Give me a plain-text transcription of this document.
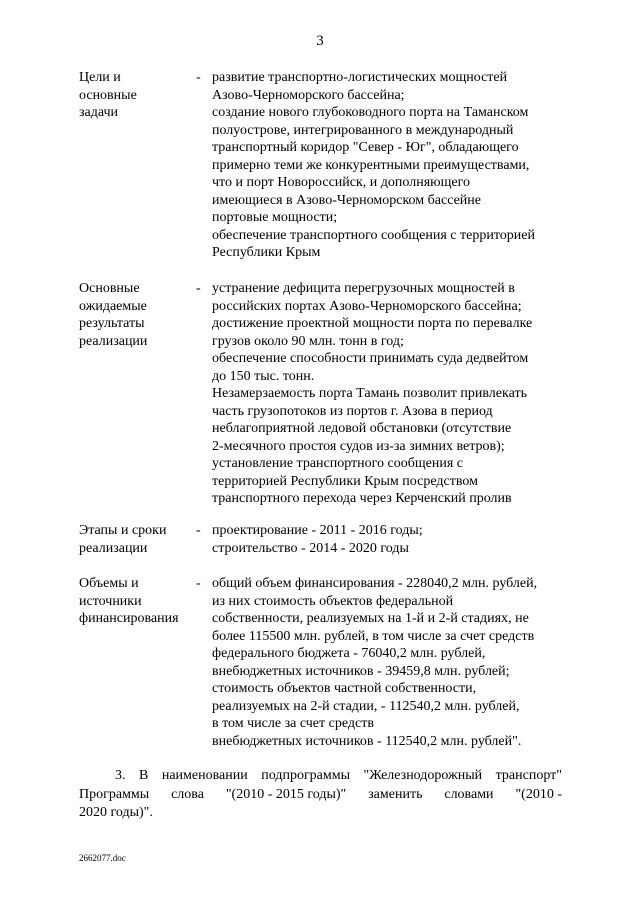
3
Цели и
основные
задачи
- развитие транспортно-логистических мощностей
Азово-Черноморского бассейна;
создание нового глубоководного порта на Таманском
полуострове, интегрированного в международный
транспортный коридор "Север - Юг", обладающего
примерно теми же конкурентными преимуществами,
что и порт Новороссийск, и дополняющего
имеющиеся в Азово-Черноморском бассейне
портовые мощности;
обеспечение транспортного сообщения с территорией
Республики Крым
Основные
ожидаемые
результаты
реализации
- устранение дефицита перегрузочных мощностей в
российских портах Азово-Черноморского бассейна;
достижение проектной мощности порта по перевалке
грузов около 90 млн. тонн в год;
обеспечение способности принимать суда дедвейтом
до 150 тыс. тонн.
Незамерзаемость порта Тамань позволит привлекать
часть грузопотоков из портов г. Азова в период
неблагоприятной ледовой обстановки (отсутствие
2-месячного простоя судов из-за зимних ветров);
установление транспортного сообщения с
территорией Республики Крым посредством
транспортного перехода через Керченский пролив
Этапы и сроки
реализации
- проектирование - 2011 - 2016 годы;
строительство - 2014 - 2020 годы
Объемы и
источники
финансирования
- общий объем финансирования - 228040,2 млн. рублей,
из них стоимость объектов федеральной
собственности, реализуемых на 1-й и 2-й стадиях, не
более 115500 млн. рублей, в том числе за счет средств
федерального бюджета - 76040,2 млн. рублей,
внебюджетных источников - 39459,8 млн. рублей;
стоимость объектов частной собственности,
реализуемых на 2-й стадии, - 112540,2 млн. рублей,
в том числе за счет средств
внебюджетных источников - 112540,2 млн. рублей".
3. В наименовании подпрограммы "Железнодорожный транспорт"
Программы слова "(2010 - 2015 годы)" заменить словами "(2010 -
2020 годы)".
2662077.doc
